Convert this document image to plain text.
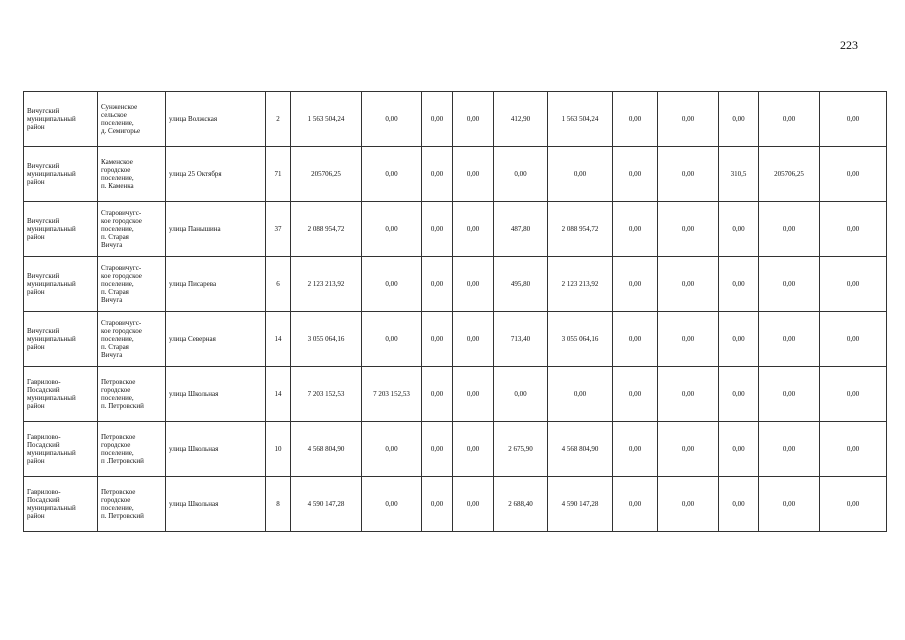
223
Вичугский
муниципальный
район	Сунженское
сельское
поселение,
д. Семигорье	улица Волжская	2	1 563 504,24	0,00	0,00	0,00	412,90	1 563 504,24	0,00	0,00	0,00	0,00	0,00
Вичугский
муниципальный
район	Каменское
городское
поселение,
п. Каменка	улица 25 Октября	71	205706,25	0,00	0,00	0,00	0,00	0,00	0,00	0,00	310,5	205706,25	0,00
Вичугский
муниципальный
район	Старовичугс-
кое городское
поселение,
п. Старая
Вичуга	улица Панышина	37	2 088 954,72	0,00	0,00	0,00	487,80	2 088 954,72	0,00	0,00	0,00	0,00	0,00
Вичугский
муниципальный
район	Старовичугс-
кое городское
поселение,
п. Старая
Вичуга	улица Писарева	6	2 123 213,92	0,00	0,00	0,00	495,80	2 123 213,92	0,00	0,00	0,00	0,00	0,00
Вичугский
муниципальный
район	Старовичугс-
кое городское
поселение,
п. Старая
Вичуга	улица Северная	14	3 055 064,16	0,00	0,00	0,00	713,40	3 055 064,16	0,00	0,00	0,00	0,00	0,00
Гаврилово-
Посадский
муниципальный
район	Петровское
городское
поселение,
п. Петровский	улица Школьная	14	7 203 152,53	7 203 152,53	0,00	0,00	0,00	0,00	0,00	0,00	0,00	0,00	0,00
Гаврилово-
Посадский
муниципальный
район	Петровское
городское
поселение,
п .Петровский	улица Школьная	10	4 568 804,90	0,00	0,00	0,00	2 675,90	4 568 804,90	0,00	0,00	0,00	0,00	0,00
Гаврилово-
Посадский
муниципальный
район	Петровское
городское
поселение,
п. Петровский	улица Школьная	8	4 590 147,28	0,00	0,00	0,00	2 688,40	4 590 147,28	0,00	0,00	0,00	0,00	0,00
